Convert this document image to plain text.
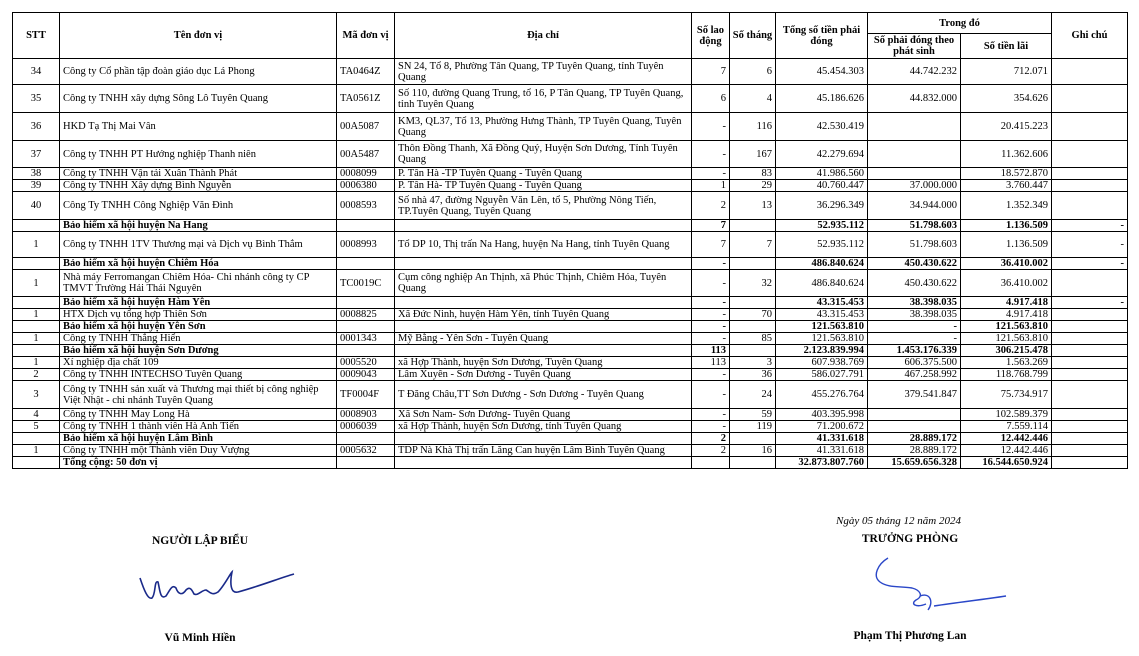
STT	Tên đơn vị	Mã đơn vị	Địa chỉ	Số lao động	Số tháng	Tổng số tiền phải đóng	Trong đó		Ghi chú
							Số phải đóng theo phát sinh	Số tiền lãi	
34	Công ty Cổ phần tập đoàn giáo dục Lá Phong	TA0464Z	SN 24, Tổ 8, Phường Tân Quang, TP Tuyên Quang, tỉnh Tuyên Quang	7	6	45.454.303	44.742.232	712.071	
35	Công ty TNHH xây dựng Sông Lô Tuyên Quang	TA0561Z	Số 110, đường Quang Trung, tổ 16, P Tân Quang, TP Tuyên Quang, tỉnh Tuyên Quang	6	4	45.186.626	44.832.000	354.626	
36	HKD Tạ Thị Mai Vân	00A5087	KM3, QL37, Tổ 13, Phường Hưng Thành, TP Tuyên Quang, Tuyên Quang	-	116	42.530.419		20.415.223	
37	Công ty TNHH PT Hướng nghiệp Thanh niên	00A5487	Thôn Đồng Thanh, Xã Đồng Quý, Huyện Sơn Dương, Tỉnh Tuyên Quang	-	167	42.279.694		11.362.606	
38	Công ty TNHH Vận tải Xuân Thành Phát	0008099	P. Tân Hà -TP Tuyên Quang - Tuyên Quang	-	83	41.986.560		18.572.870	
39	Công ty TNHH Xây dựng Bình Nguyễn	0006380	P. Tân Hà- TP Tuyên Quang - Tuyên Quang	1	29	40.760.447	37.000.000	3.760.447	
40	Công Ty TNHH Công Nghiệp Văn Đình	0008593	Số nhà 47, đường Nguyễn Văn Lên, tổ 5, Phường Nông Tiến, TP.Tuyên Quang, Tuyên Quang	2	13	36.296.349	34.944.000	1.352.349	
	Bảo hiểm xã hội huyện Na Hang			7		52.935.112	51.798.603	1.136.509	-
1	Công ty TNHH 1TV Thương mại và Dịch vụ Bình Thắm	0008993	Tổ DP 10, Thị trấn Na Hang, huyện Na Hang, tỉnh Tuyên Quang	7	7	52.935.112	51.798.603	1.136.509	-
	Bảo hiểm xã hội huyện Chiêm Hóa			-		486.840.624	450.430.622	36.410.002	-
1	Nhà máy Ferromangan Chiêm Hóa- Chi nhánh công ty CP TMVT Trường Hải Thái Nguyên	TC0019C	Cụm công nghiệp An Thịnh, xã Phúc Thịnh, Chiêm Hóa, Tuyên Quang	-	32	486.840.624	450.430.622	36.410.002	
	Bảo hiểm xã hội huyện Hàm Yên			-		43.315.453	38.398.035	4.917.418	-
1	HTX Dịch vụ tổng hợp Thiên Sơn	0008825	Xã Đức Ninh, huyện Hàm Yên, tỉnh Tuyên Quang	-	70	43.315.453	38.398.035	4.917.418	
	Bảo hiểm xã hội huyện Yên Sơn			-		121.563.810	-	121.563.810	
1	Công ty TNHH Thắng Hiển	0001343	Mỹ Bằng - Yên Sơn - Tuyên Quang	-	85	121.563.810	-	121.563.810	
	Bảo hiểm xã hội huyện Sơn Dương			113		2.123.839.994	1.453.176.339	306.215.478	
1	Xí nghiệp địa chất 109	0005520	xã Hợp Thành, huyện Sơn Dương, Tuyên Quang	113	3	607.938.769	606.375.500	1.563.269	
2	Công ty TNHH INTECHSO Tuyên Quang	0009043	Lâm Xuyên - Sơn Dương - Tuyên Quang	-	36	586.027.791	467.258.992	118.768.799	
3	Công ty TNHH sản xuất và Thương mại thiết bị công nghiệp Việt Nhật - chi nhánh Tuyên Quang	TF0004F	T Đăng Châu,TT Sơn Dương - Sơn Dương - Tuyên Quang	-	24	455.276.764	379.541.847	75.734.917	
4	Công ty TNHH May Long Hà	0008903	Xã Sơn Nam- Sơn Dương- Tuyên Quang	-	59	403.395.998		102.589.379	
5	Công ty TNHH 1 thành viên Hà Anh Tiến	0006039	xã Hợp Thành, huyện Sơn Dương, tỉnh Tuyên Quang	-	119	71.200.672		7.559.114	
	Bảo hiểm xã hội huyện Lâm Bình			2		41.331.618	28.889.172	12.442.446	
1	Công ty TNHH một Thành viên Duy Vượng	0005632	TDP Nà Khà Thị trấn Lăng Can huyện Lâm Bình Tuyên Quang	2	16	41.331.618	28.889.172	12.442.446	
	Tổng cộng: 50 đơn vị					32.873.807.760	15.659.656.328	16.544.650.924	
Ngày 05 tháng 12 năm 2024
NGƯỜI LẬP BIỂU	TRƯỞNG PHÒNG
Vũ Minh Hiền	Phạm Thị Phương Lan
